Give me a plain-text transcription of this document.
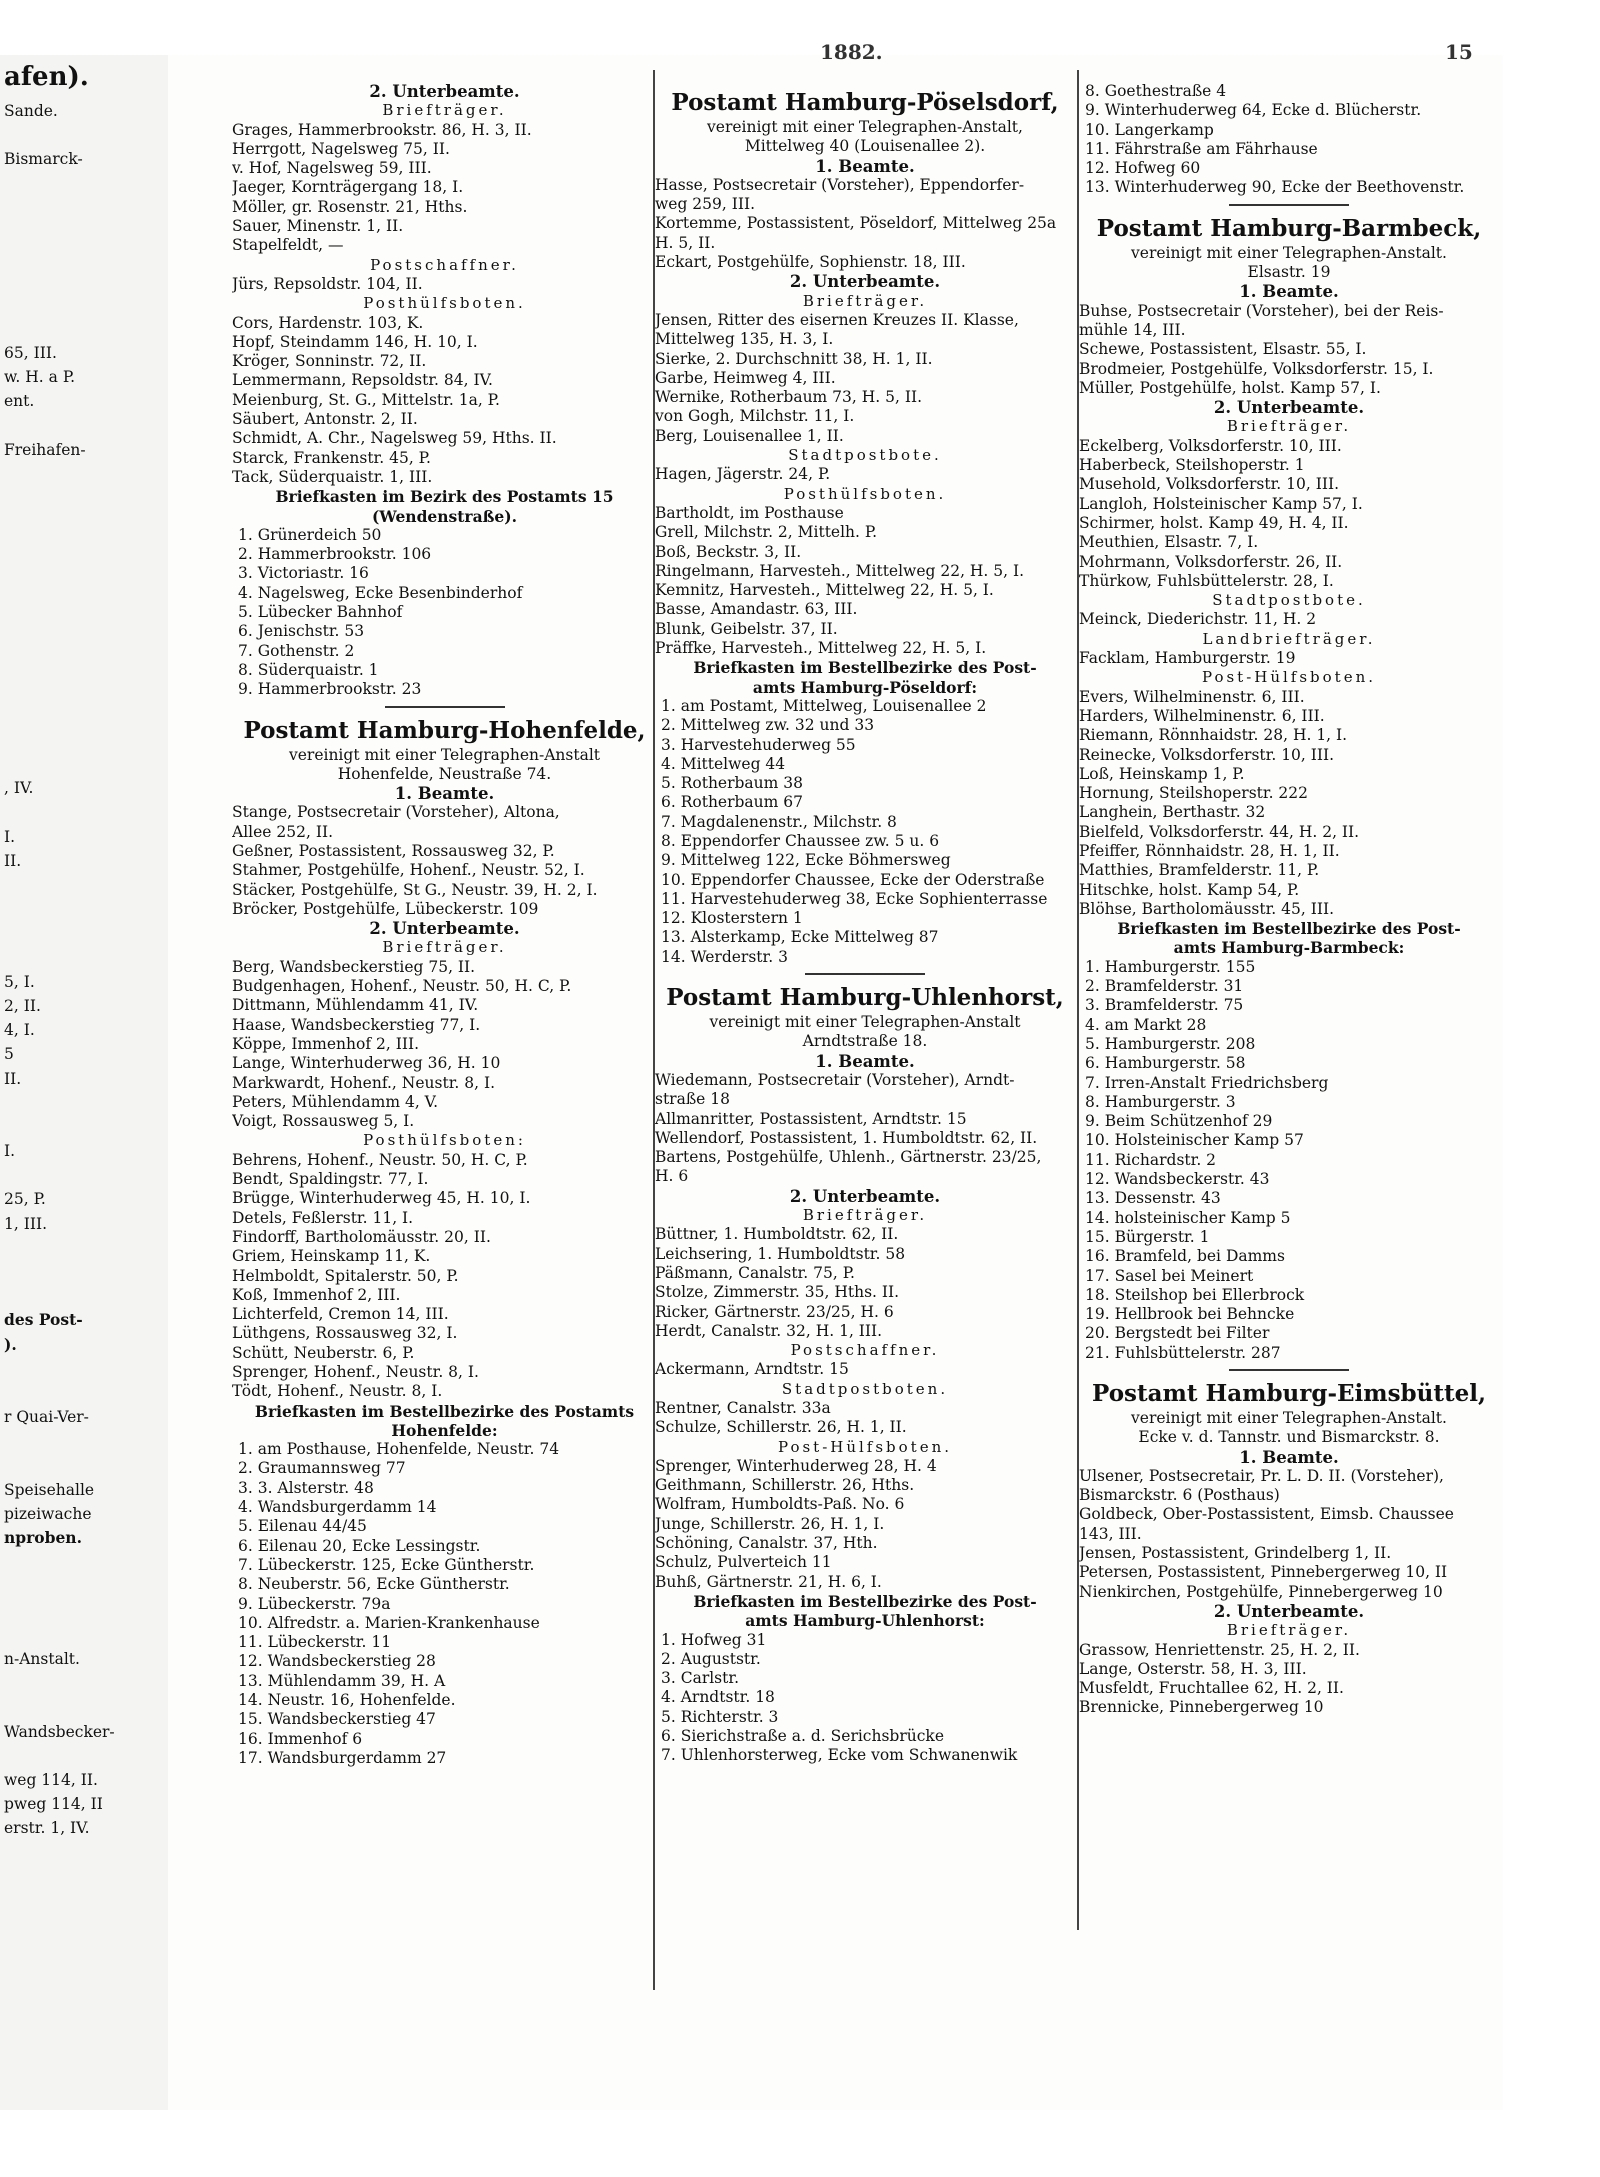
afen).
Sande.
Bismarck-
65, III.
w. H. a P.
ent.
Freihafen-
, IV.
I.
II.
5, I.
2, II.
4, I.
5
II.
I.
25, P.
1, III.
des Post-
).
r Quai-Ver-
Speisehalle
pizeiwache
nproben.
n-Anstalt.
Wandsbecker-
weg 114, II.
pweg 114, II
erstr. 1, IV.
1882.	15
2. Unterbeamte.
Briefträger.
Grages, Hammerbrookstr. 86, H. 3, II.
Herrgott, Nagelsweg 75, II.
v. Hof, Nagelsweg 59, III.
Jaeger, Kornträgergang 18, I.
Möller, gr. Rosenstr. 21, Hths.
Sauer, Minenstr. 1, II.
Stapelfeldt, —
Postschaffner.
Jürs, Repsoldstr. 104, II.
Posthülfsboten.
Cors, Hardenstr. 103, K.
Hopf, Steindamm 146, H. 10, I.
Kröger, Sonninstr. 72, II.
Lemmermann, Repsoldstr. 84, IV.
Meienburg, St. G., Mittelstr. 1a, P.
Säubert, Antonstr. 2, II.
Schmidt, A. Chr., Nagelsweg 59, Hths. II.
Starck, Frankenstr. 45, P.
Tack, Süderquaistr. 1, III.
Briefkasten im Bezirk des Postamts 15
(Wendenstraße).
1. Grünerdeich 50
2. Hammerbrookstr. 106
3. Victoriastr. 16
4. Nagelsweg, Ecke Besenbinderhof
5. Lübecker Bahnhof
6. Jenischstr. 53
7. Gothenstr. 2
8. Süderquaistr. 1
9. Hammerbrookstr. 23
Postamt Hamburg-Hohenfelde,
vereinigt mit einer Telegraphen-Anstalt
Hohenfelde, Neustraße 74.
1. Beamte.
Stange, Postsecretair (Vorsteher), Altona,
Allee 252, II.
Geßner, Postassistent, Rossausweg 32, P.
Stahmer, Postgehülfe, Hohenf., Neustr. 52, I.
Stäcker, Postgehülfe, St G., Neustr. 39, H. 2, I.
Bröcker, Postgehülfe, Lübeckerstr. 109
2. Unterbeamte.
Briefträger.
Berg, Wandsbeckerstieg 75, II.
Budgenhagen, Hohenf., Neustr. 50, H. C, P.
Dittmann, Mühlendamm 41, IV.
Haase, Wandsbeckerstieg 77, I.
Köppe, Immenhof 2, III.
Lange, Winterhuderweg 36, H. 10
Markwardt, Hohenf., Neustr. 8, I.
Peters, Mühlendamm 4, V.
Voigt, Rossausweg 5, I.
Posthülfsboten:
Behrens, Hohenf., Neustr. 50, H. C, P.
Bendt, Spaldingstr. 77, I.
Brügge, Winterhuderweg 45, H. 10, I.
Detels, Feßlerstr. 11, I.
Findorff, Bartholomäusstr. 20, II.
Griem, Heinskamp 11, K.
Helmboldt, Spitalerstr. 50, P.
Koß, Immenhof 2, III.
Lichterfeld, Cremon 14, III.
Lüthgens, Rossausweg 32, I.
Schütt, Neuberstr. 6, P.
Sprenger, Hohenf., Neustr. 8, I.
Tödt, Hohenf., Neustr. 8, I.
Briefkasten im Bestellbezirke des Postamts
Hohenfelde:
1. am Posthause, Hohenfelde, Neustr. 74
2. Graumannsweg 77
3. 3. Alsterstr. 48
4. Wandsburgerdamm 14
5. Eilenau 44/45
6. Eilenau 20, Ecke Lessingstr.
7. Lübeckerstr. 125, Ecke Güntherstr.
8. Neuberstr. 56, Ecke Güntherstr.
9. Lübeckerstr. 79a
10. Alfredstr. a. Marien-Krankenhause
11. Lübeckerstr. 11
12. Wandsbeckerstieg 28
13. Mühlendamm 39, H. A
14. Neustr. 16, Hohenfelde.
15. Wandsbeckerstieg 47
16. Immenhof 6
17. Wandsburgerdamm 27
Postamt Hamburg-Pöselsdorf,
vereinigt mit einer Telegraphen-Anstalt,
Mittelweg 40 (Louisenallee 2).
1. Beamte.
Hasse, Postsecretair (Vorsteher), Eppendorfer-
weg 259, III.
Kortemme, Postassistent, Pöseldorf, Mittelweg 25a
H. 5, II.
Eckart, Postgehülfe, Sophienstr. 18, III.
2. Unterbeamte.
Briefträger.
Jensen, Ritter des eisernen Kreuzes II. Klasse,
Mittelweg 135, H. 3, I.
Sierke, 2. Durchschnitt 38, H. 1, II.
Garbe, Heimweg 4, III.
Wernike, Rotherbaum 73, H. 5, II.
von Gogh, Milchstr. 11, I.
Berg, Louisenallee 1, II.
Stadtpostbote.
Hagen, Jägerstr. 24, P.
Posthülfsboten.
Bartholdt, im Posthause
Grell, Milchstr. 2, Mittelh. P.
Boß, Beckstr. 3, II.
Ringelmann, Harvesteh., Mittelweg 22, H. 5, I.
Kemnitz, Harvesteh., Mittelweg 22, H. 5, I.
Basse, Amandastr. 63, III.
Blunk, Geibelstr. 37, II.
Präffke, Harvesteh., Mittelweg 22, H. 5, I.
Briefkasten im Bestellbezirke des Post-
amts Hamburg-Pöseldorf:
1. am Postamt, Mittelweg, Louisenallee 2
2. Mittelweg zw. 32 und 33
3. Harvestehuderweg 55
4. Mittelweg 44
5. Rotherbaum 38
6. Rotherbaum 67
7. Magdalenenstr., Milchstr. 8
8. Eppendorfer Chaussee zw. 5 u. 6
9. Mittelweg 122, Ecke Böhmersweg
10. Eppendorfer Chaussee, Ecke der Oderstraße
11. Harvestehuderweg 38, Ecke Sophienterrasse
12. Klosterstern 1
13. Alsterkamp, Ecke Mittelweg 87
14. Werderstr. 3
Postamt Hamburg-Uhlenhorst,
vereinigt mit einer Telegraphen-Anstalt
Arndtstraße 18.
1. Beamte.
Wiedemann, Postsecretair (Vorsteher), Arndt-
straße 18
Allmanritter, Postassistent, Arndtstr. 15
Wellendorf, Postassistent, 1. Humboldtstr. 62, II.
Bartens, Postgehülfe, Uhlenh., Gärtnerstr. 23/25,
H. 6
2. Unterbeamte.
Briefträger.
Büttner, 1. Humboldtstr. 62, II.
Leichsering, 1. Humboldtstr. 58
Päßmann, Canalstr. 75, P.
Stolze, Zimmerstr. 35, Hths. II.
Ricker, Gärtnerstr. 23/25, H. 6
Herdt, Canalstr. 32, H. 1, III.
Postschaffner.
Ackermann, Arndtstr. 15
Stadtpostboten.
Rentner, Canalstr. 33a
Schulze, Schillerstr. 26, H. 1, II.
Post-Hülfsboten.
Sprenger, Winterhuderweg 28, H. 4
Geithmann, Schillerstr. 26, Hths.
Wolfram, Humboldts-Paß. No. 6
Junge, Schillerstr. 26, H. 1, I.
Schöning, Canalstr. 37, Hth.
Schulz, Pulverteich 11
Buhß, Gärtnerstr. 21, H. 6, I.
Briefkasten im Bestellbezirke des Post-
amts Hamburg-Uhlenhorst:
1. Hofweg 31
2. Auguststr.
3. Carlstr.
4. Arndtstr. 18
5. Richterstr. 3
6. Sierichstraße a. d. Serichsbrücke
7. Uhlenhorsterweg, Ecke vom Schwanenwik
8. Goethestraße 4
9. Winterhuderweg 64, Ecke d. Blücherstr.
10. Langerkamp
11. Fährstraße am Fährhause
12. Hofweg 60
13. Winterhuderweg 90, Ecke der Beethovenstr.
Postamt Hamburg-Barmbeck,
vereinigt mit einer Telegraphen-Anstalt.
Elsastr. 19
1. Beamte.
Buhse, Postsecretair (Vorsteher), bei der Reis-
mühle 14, III.
Schewe, Postassistent, Elsastr. 55, I.
Brodmeier, Postgehülfe, Volksdorferstr. 15, I.
Müller, Postgehülfe, holst. Kamp 57, I.
2. Unterbeamte.
Briefträger.
Eckelberg, Volksdorferstr. 10, III.
Haberbeck, Steilshoperstr. 1
Musehold, Volksdorferstr. 10, III.
Langloh, Holsteinischer Kamp 57, I.
Schirmer, holst. Kamp 49, H. 4, II.
Meuthien, Elsastr. 7, I.
Mohrmann, Volksdorferstr. 26, II.
Thürkow, Fuhlsbüttelerstr. 28, I.
Stadtpostbote.
Meinck, Diederichstr. 11, H. 2
Landbriefträger.
Facklam, Hamburgerstr. 19
Post-Hülfsboten.
Evers, Wilhelminenstr. 6, III.
Harders, Wilhelminenstr. 6, III.
Riemann, Rönnhaidstr. 28, H. 1, I.
Reinecke, Volksdorferstr. 10, III.
Loß, Heinskamp 1, P.
Hornung, Steilshoperstr. 222
Langhein, Berthastr. 32
Bielfeld, Volksdorferstr. 44, H. 2, II.
Pfeiffer, Rönnhaidstr. 28, H. 1, II.
Matthies, Bramfelderstr. 11, P.
Hitschke, holst. Kamp 54, P.
Blöhse, Bartholomäusstr. 45, III.
Briefkasten im Bestellbezirke des Post-
amts Hamburg-Barmbeck:
1. Hamburgerstr. 155
2. Bramfelderstr. 31
3. Bramfelderstr. 75
4. am Markt 28
5. Hamburgerstr. 208
6. Hamburgerstr. 58
7. Irren-Anstalt Friedrichsberg
8. Hamburgerstr. 3
9. Beim Schützenhof 29
10. Holsteinischer Kamp 57
11. Richardstr. 2
12. Wandsbeckerstr. 43
13. Dessenstr. 43
14. holsteinischer Kamp 5
15. Bürgerstr. 1
16. Bramfeld, bei Damms
17. Sasel bei Meinert
18. Steilshop bei Ellerbrock
19. Hellbrook bei Behncke
20. Bergstedt bei Filter
21. Fuhlsbüttelerstr. 287
Postamt Hamburg-Eimsbüttel,
vereinigt mit einer Telegraphen-Anstalt.
Ecke v. d. Tannstr. und Bismarckstr. 8.
1. Beamte.
Ulsener, Postsecretair, Pr. L. D. II. (Vorsteher),
Bismarckstr. 6 (Posthaus)
Goldbeck, Ober-Postassistent, Eimsb. Chaussee
143, III.
Jensen, Postassistent, Grindelberg 1, II.
Petersen, Postassistent, Pinnebergerweg 10, II
Nienkirchen, Postgehülfe, Pinnebergerweg 10
2. Unterbeamte.
Briefträger.
Grassow, Henriettenstr. 25, H. 2, II.
Lange, Osterstr. 58, H. 3, III.
Musfeldt, Fruchtallee 62, H. 2, II.
Brennicke, Pinnebergerweg 10
